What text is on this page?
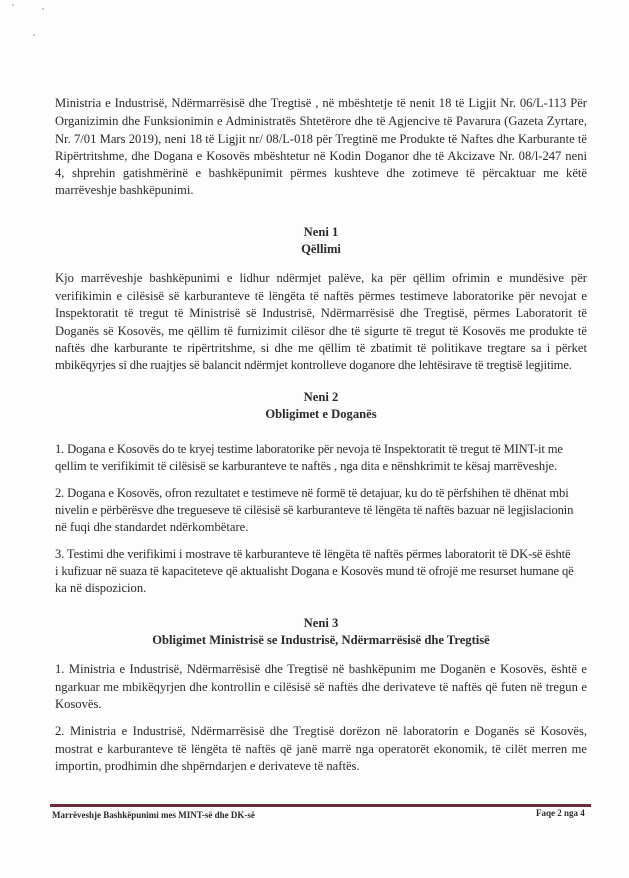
Ministria e Industrisë, Ndërmarrësisë dhe Tregtisë , në mbështetje të nenit 18 të Ligjit Nr. 06/L-113 Për
Organizimin dhe Funksionimin e Administratës Shtetërore dhe të Agjencive të Pavarura (Gazeta Zyrtare,
Nr. 7/01 Mars 2019), neni 18 të Ligjit nr/ 08/L-018 për Tregtinë me Produkte të Naftes dhe Karburante të
Ripërtritshme, dhe Dogana e Kosovës mbështetur në Kodin Doganor dhe të Akcizave Nr. 08/l-247 neni
4, shprehin gatishmërinë e bashkëpunimit përmes kushteve dhe zotimeve të përcaktuar me këtë
marrëveshje bashkëpunimi.
Neni 1
Qëllimi
Kjo marrëveshje bashkëpunimi e lidhur ndërmjet palëve, ka për qëllim ofrimin e mundësive për
verifikimin e cilësisë së karburanteve të lëngëta të naftës përmes testimeve laboratorike për nevojat e
Inspektoratit të tregut të Ministrisë së Industrisë, Ndërmarrësisë dhe Tregtisë, përmes Laboratorit të
Doganës së Kosovës, me qëllim të furnizimit cilësor dhe të sigurte të tregut të Kosovës me produkte të
naftës dhe karburante te ripërtritshme, si dhe me qëllim të zbatimit të politikave tregtare sa i përket
mbikëqyrjes si dhe ruajtjes së balancit ndërmjet kontrolleve doganore dhe lehtësirave të tregtisë legjitime.
Neni 2
Obligimet e Doganës
1. Dogana e Kosovës do te kryej testime laboratorike për nevoja të Inspektoratit të tregut të MINT-it me
qellim te verifikimit të cilësisë se karburanteve te naftës , nga dita e nënshkrimit te kësaj marrëveshje.
2. Dogana e Kosovës, ofron rezultatet e testimeve në formë të detajuar, ku do të përfshihen të dhënat mbi
nivelin e përbërësve dhe tregueseve të cilësisë së karburanteve të lëngëta të naftës bazuar në legjislacionin
në fuqi dhe standardet ndërkombëtare.
3. Testimi dhe verifikimi i mostrave të karburanteve të lëngëta të naftës përmes laboratorit të DK-së është
i kufizuar në suaza të kapaciteteve që aktualisht Dogana e Kosovës mund të ofrojë me resurset humane që
ka në dispozicion.
Neni 3
Obligimet Ministrisë se Industrisë, Ndërmarrësisë dhe Tregtisë
1. Ministria e Industrisë, Ndërmarrësisë dhe Tregtisë në bashkëpunim me Doganën e Kosovës, është e
ngarkuar me mbikëqyrjen dhe kontrollin e cilësisë së naftës dhe derivateve të naftës që futen në tregun e
Kosovës.
2. Ministria e Industrisë, Ndërmarrësisë dhe Tregtisë dorëzon në laboratorin e Doganës së Kosovës,
mostrat e karburanteve të lëngëta të naftës që janë marrë nga operatorët ekonomik, të cilët merren me
importin, prodhimin dhe shpërndarjen e derivateve të naftës.
Marrëveshje Bashkëpunimi mes MINT-së dhe DK-së	Faqe 2 nga 4
